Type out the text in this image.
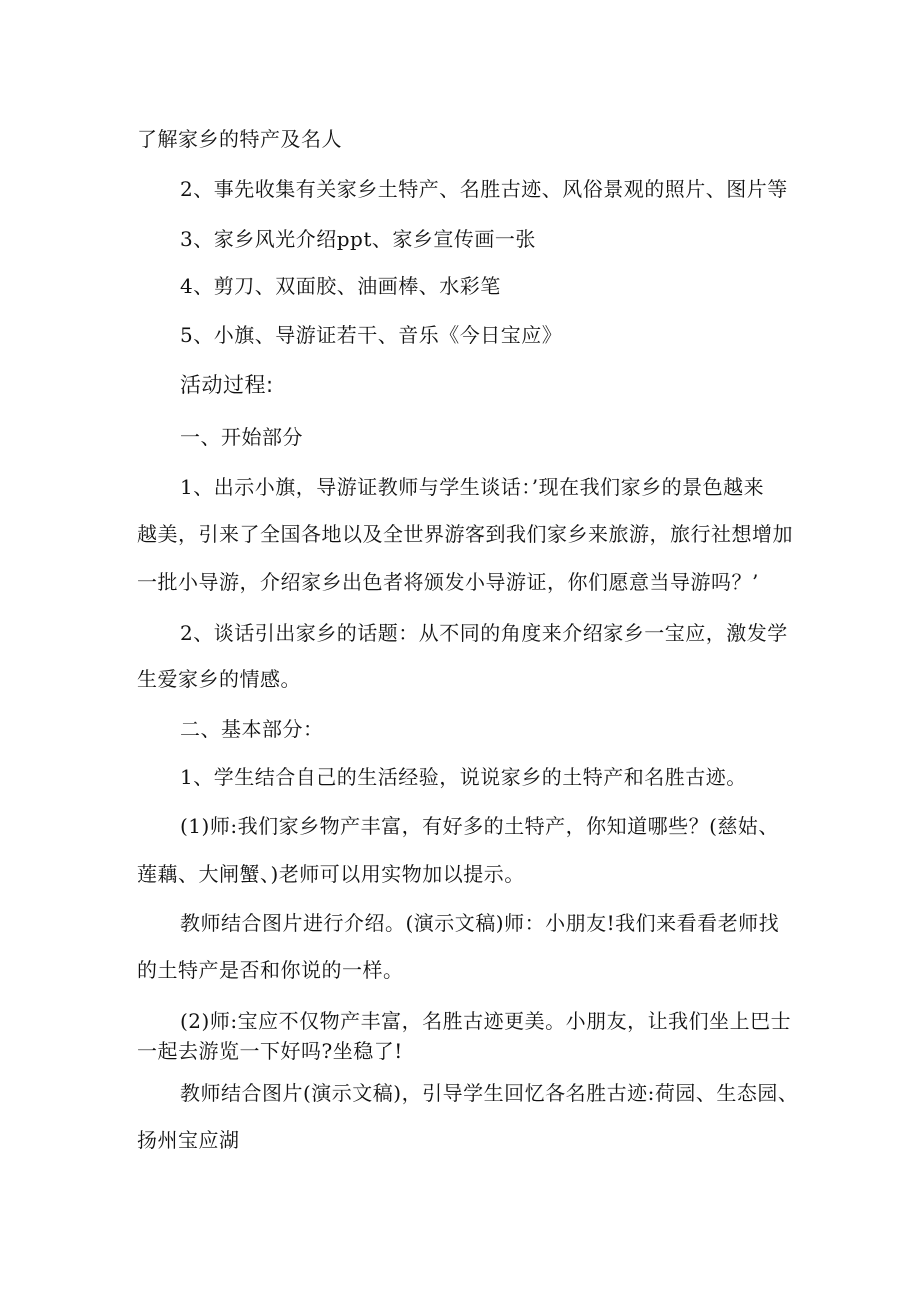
了解家乡的特产及名人
2、事先收集有关家乡土特产、名胜古迹、风俗景观的照片、图片等
3、家乡风光介绍ppt、家乡宣传画一张
4、剪刀、双面胶、油画棒、水彩笔
5、小旗、导游证若干、音乐《今日宝应》
活动过程:
一、开始部分
1、出示小旗，导游证教师与学生谈话：’现在我们家乡的景色越来
越美，引来了全国各地以及全世界游客到我们家乡来旅游，旅行社想增加
一批小导游，介绍家乡出色者将颁发小导游证，你们愿意当导游吗？’
2、谈话引出家乡的话题：从不同的角度来介绍家乡一宝应，激发学
生爱家乡的情感。
二、基本部分：
1、学生结合自己的生活经验，说说家乡的土特产和名胜古迹。
(1)师:我们家乡物产丰富，有好多的土特产，你知道哪些？(慈姑、
莲藕、大闸蟹、)老师可以用实物加以提示。
教师结合图片进行介绍。(演示文稿)师：小朋友!我们来看看老师找
的土特产是否和你说的一样。
(2)师:宝应不仅物产丰富，名胜古迹更美。小朋友，让我们坐上巴士
一起去游览一下好吗?坐稳了!
教师结合图片(演示文稿)，引导学生回忆各名胜古迹:荷园、生态园、
扬州宝应湖
